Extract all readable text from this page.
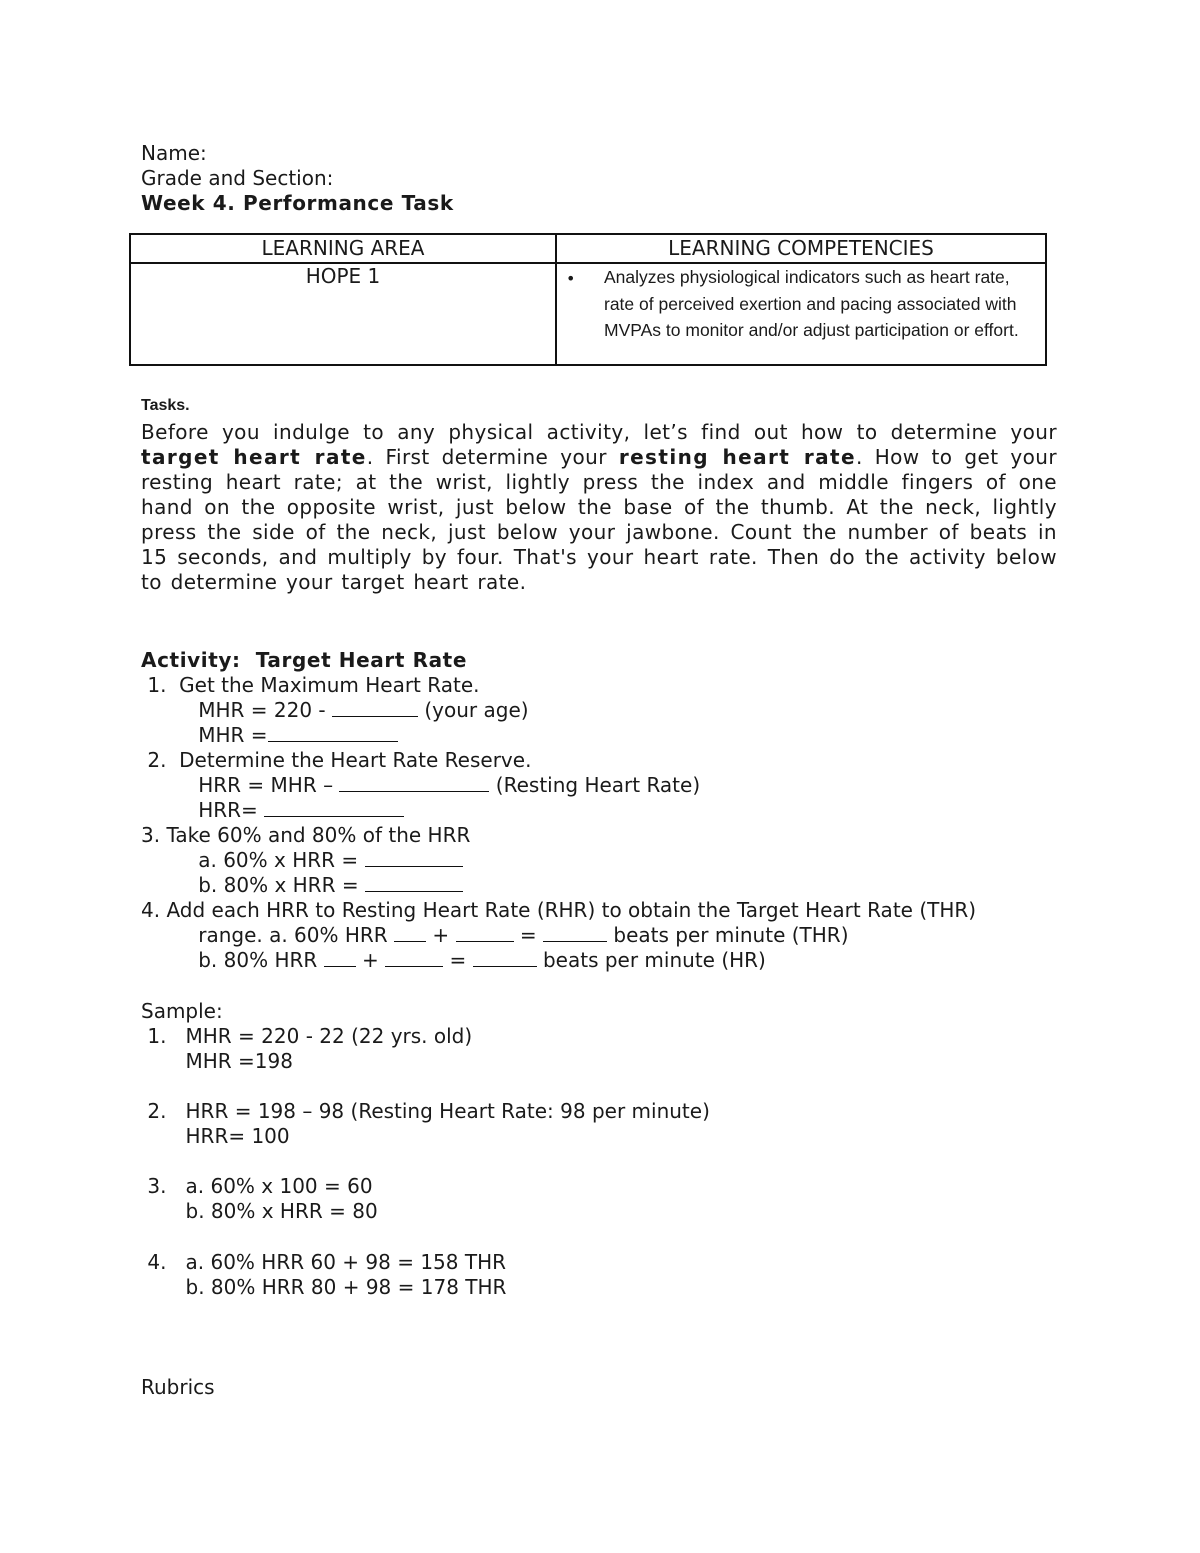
Name:
Grade and Section:
Week 4. Performance Task
LEARNING AREA	LEARNING COMPETENCIES
HOPE 1	• Analyzes physiological indicators such as heart rate, rate of perceived exertion and pacing associated with MVPAs to monitor and/or adjust participation or effort.
Tasks.
Before you indulge to any physical activity, let’s find out how to determine your target heart rate. First determine your resting heart rate. How to get your resting heart rate; at the wrist, lightly press the index and middle fingers of one hand on the opposite wrist, just below the base of the thumb. At the neck, lightly press the side of the neck, just below your jawbone. Count the number of beats in 15 seconds, and multiply by four. That's your heart rate. Then do the activity below to determine your target heart rate.
Activity:  Target Heart Rate
1.  Get the Maximum Heart Rate.
MHR = 220 -	(your age)
MHR =
2.  Determine the Heart Rate Reserve.
HRR = MHR –	(Resting Heart Rate)
HRR=
3. Take 60% and 80% of the HRR
a. 60% x HRR =
b. 80% x HRR =
4. Add each HRR to Resting Heart Rate (RHR) to obtain the Target Heart Rate (THR)
range. a. 60% HRR  +	=	beats per minute (THR)
b. 80% HRR  +	=	beats per minute (HR)
Sample:
1.   MHR = 220 - 22 (22 yrs. old)
MHR =198
2.   HRR = 198 – 98 (Resting Heart Rate: 98 per minute)
HRR= 100
3.   a. 60% x 100 = 60
b. 80% x HRR = 80
4.   a. 60% HRR 60 + 98 = 158 THR
b. 80% HRR 80 + 98 = 178 THR
Rubrics
